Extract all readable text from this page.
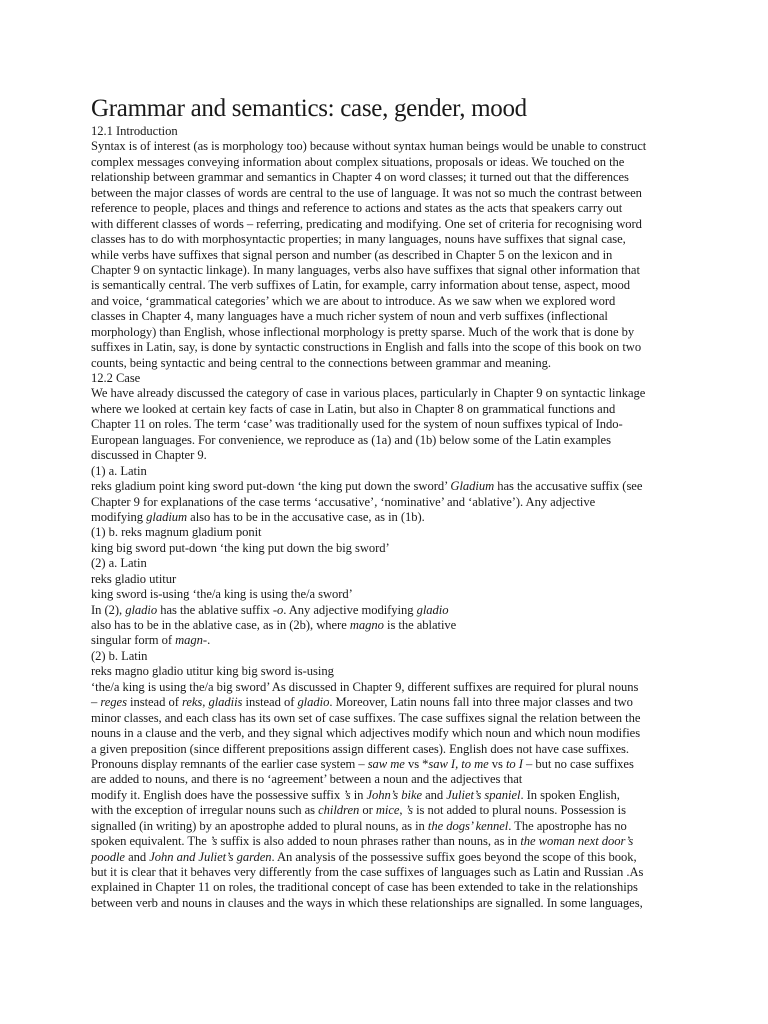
Grammar and semantics: case, gender, mood
12.1 Introduction
Syntax is of interest (as is morphology too) because without syntax human beings would be unable to construct
complex messages conveying information about complex situations, proposals or ideas. We touched on the
relationship between grammar and semantics in Chapter 4 on word classes; it turned out that the differences
between the major classes of words are central to the use of language. It was not so much the contrast between
reference to people, places and things and reference to actions and states as the acts that speakers carry out
with different classes of words – referring, predicating and modifying. One set of criteria for recognising word
classes has to do with morphosyntactic properties; in many languages, nouns have suffixes that signal case,
while verbs have suffixes that signal person and number (as described in Chapter 5 on the lexicon and in
Chapter 9 on syntactic linkage). In many languages, verbs also have suffixes that signal other information that
is semantically central. The verb suffixes of Latin, for example, carry information about tense, aspect, mood
and voice, ‘grammatical categories’ which we are about to introduce. As we saw when we explored word
classes in Chapter 4, many languages have a much richer system of noun and verb suffixes (inflectional
morphology) than English, whose inflectional morphology is pretty sparse. Much of the work that is done by
suffixes in Latin, say, is done by syntactic constructions in English and falls into the scope of this book on two
counts, being syntactic and being central to the connections between grammar and meaning.
12.2 Case
We have already discussed the category of case in various places, particularly in Chapter 9 on syntactic linkage
where we looked at certain key facts of case in Latin, but also in Chapter 8 on grammatical functions and
Chapter 11 on roles. The term ‘case’ was traditionally used for the system of noun suffixes typical of Indo-
European languages. For convenience, we reproduce as (1a) and (1b) below some of the Latin examples
discussed in Chapter 9.
(1) a. Latin
reks gladium point king sword put-down ‘the king put down the sword’ Gladium has the accusative suffix (see
Chapter 9 for explanations of the case terms ‘accusative’, ‘nominative’ and ‘ablative’). Any adjective
modifying gladium also has to be in the accusative case, as in (1b).
(1) b. reks magnum gladium ponit
king big sword put-down ‘the king put down the big sword’
(2) a. Latin
reks gladio utitur
king sword is-using ‘the/a king is using the/a sword’
In (2), gladio has the ablative suffix -o. Any adjective modifying gladio
also has to be in the ablative case, as in (2b), where magno is the ablative
singular form of magn-.
(2) b. Latin
reks magno gladio utitur king big sword is-using
‘the/a king is using the/a big sword’ As discussed in Chapter 9, different suffixes are required for plural nouns
– reges instead of reks, gladiis instead of gladio. Moreover, Latin nouns fall into three major classes and two
minor classes, and each class has its own set of case suffixes. The case suffixes signal the relation between the
nouns in a clause and the verb, and they signal which adjectives modify which noun and which noun modifies
a given preposition (since different prepositions assign different cases). English does not have case suffixes.
Pronouns display remnants of the earlier case system – saw me vs *saw I, to me vs to I – but no case suffixes
are added to nouns, and there is no ‘agreement’ between a noun and the adjectives that
modify it. English does have the possessive suffix ’s in John’s bike and Juliet’s spaniel. In spoken English,
with the exception of irregular nouns such as children or mice, ’s is not added to plural nouns. Possession is
signalled (in writing) by an apostrophe added to plural nouns, as in the dogs’ kennel. The apostrophe has no
spoken equivalent. The ’s suffix is also added to noun phrases rather than nouns, as in the woman next door’s
poodle and John and Juliet’s garden. An analysis of the possessive suffix goes beyond the scope of this book,
but it is clear that it behaves very differently from the case suffixes of languages such as Latin and Russian .As
explained in Chapter 11 on roles, the traditional concept of case has been extended to take in the relationships
between verb and nouns in clauses and the ways in which these relationships are signalled. In some languages,
